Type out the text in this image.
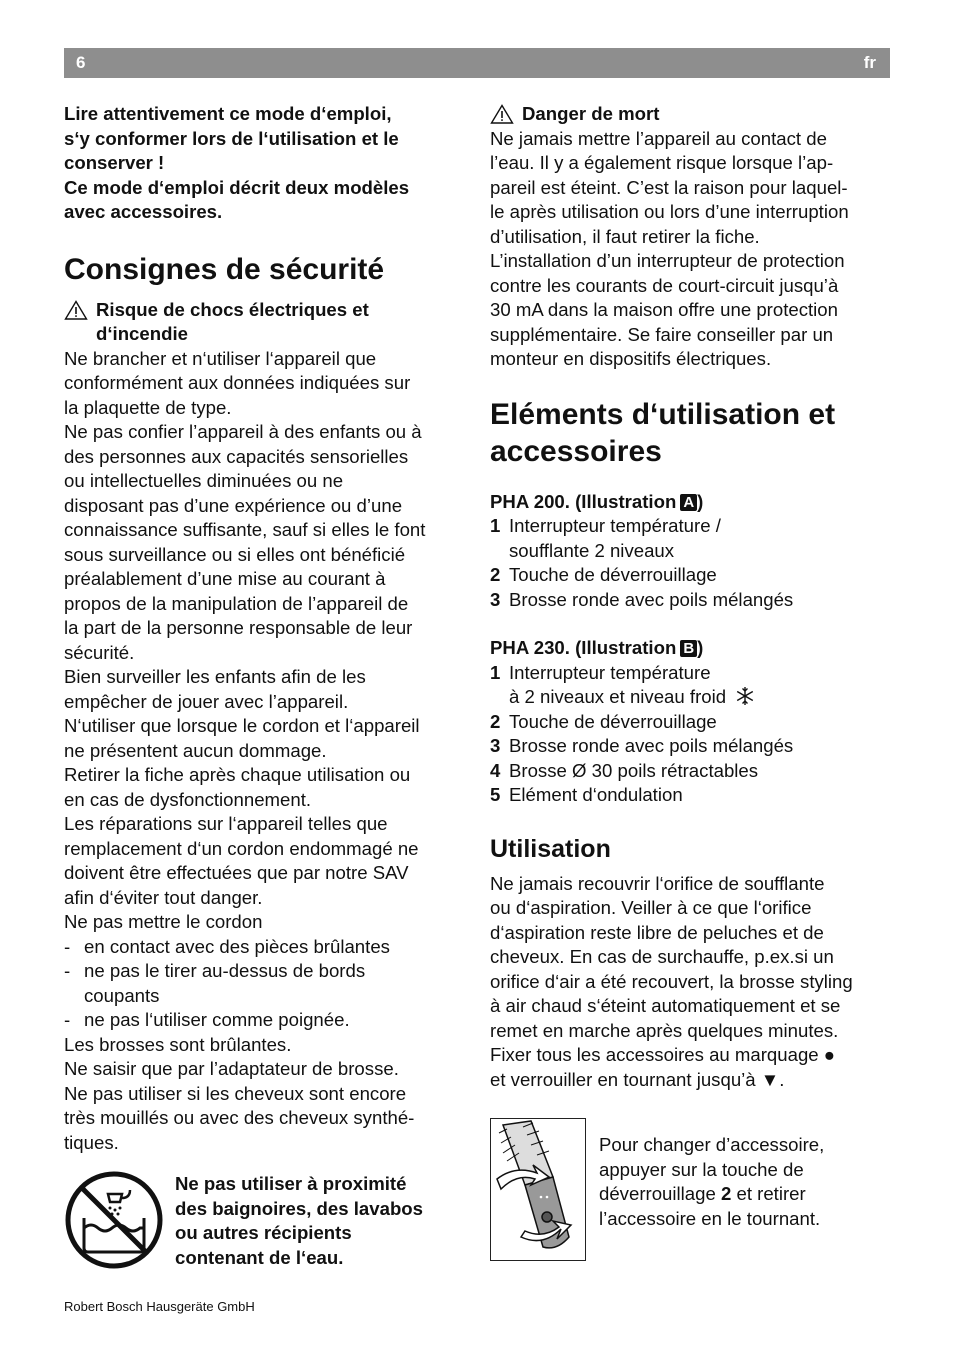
6	fr

Lire attentivement ce mode d‘emploi,

s‘y conformer lors de l‘utilisation et le

conserver !

Ce mode d‘emploi décrit deux modèles

avec accessoires.

Consignes de sécurité

Risque de chocs électriques et

d‘incendie

Ne brancher et n‘utiliser l‘appareil que

conformément aux données indiquées sur

la plaquette de type.

Ne pas confier l’appareil à des enfants ou à

des personnes aux capacités sensorielles

ou intellectuelles diminuées ou ne

disposant pas d’une expérience ou d’une

connaissance suffisante, sauf si elles le font

sous surveillance ou si elles ont bénéficié

préalablement d’une mise au courant à

propos de la manipulation de l’appareil de

la part de la personne responsable de leur

sécurité.

Bien surveiller les enfants afin de les

empêcher de jouer avec l’appareil.

N‘utiliser que lorsque le cordon et l‘appareil

ne présentent aucun dommage.

Retirer la fiche après chaque utilisation ou

en cas de dysfonctionnement.

Les réparations sur l‘appareil telles que

remplacement d‘un cordon endommagé ne

doivent être effectuées que par notre SAV

afin d‘éviter tout danger.

Ne pas mettre le cordon

- en contact avec des pièces brûlantes
- ne pas le tirer au-dessus de bords
coupants
- ne pas l‘utiliser comme poignée.

Les brosses sont brûlantes.

Ne saisir que par l’adaptateur de brosse.

Ne pas utiliser si les cheveux sont encore

très mouillés ou avec des cheveux synthé-

tiques.

Ne pas utiliser à proximité

des baignoires, des lavabos

ou autres récipients

contenant de l‘eau.

Danger de mort

Ne jamais mettre l’appareil au contact de

l’eau. Il y a également risque lorsque l’ap-

pareil est éteint. C’est la raison pour laquel-

le après utilisation ou lors d’une interruption

d’utilisation, il faut retirer la fiche.

L’installation d’un interrupteur de protection

contre les courants de court-circuit jusqu’à

30 mA dans la maison offre une protection

supplémentaire. Se faire conseiller par un

monteur en dispositifs électriques.

Eléments d‘utilisation et
accessoires

PHA 200. (Illustration A )

1 Interrupteur température /
soufflante 2 niveaux
2 Touche de déverrouillage
3 Brosse ronde avec poils mélangés

PHA 230. (Illustration B )

1 Interrupteur température
à 2 niveaux et niveau froid
2 Touche de déverrouillage
3 Brosse ronde avec poils mélangés
4 Brosse Ø 30 poils rétractables
5 Elément d‘ondulation
Utilisation

Ne jamais recouvrir l‘orifice de soufflante

ou d‘aspiration. Veiller à ce que l‘orifice

d‘aspiration reste libre de peluches et de

cheveux. En cas de surchauffe, p.ex.si un

orifice d‘air a été recouvert, la brosse styling

à air chaud s‘éteint automatiquement et se

remet en marche après quelques minutes.

Fixer tous les accessoires au marquage ●

et verrouiller en tournant jusqu’à ▼.

Pour changer d’accessoire,

appuyer sur la touche de

déverrouillage 2 et retirer

l’accessoire en le tournant.

Robert Bosch Hausgeräte GmbH
